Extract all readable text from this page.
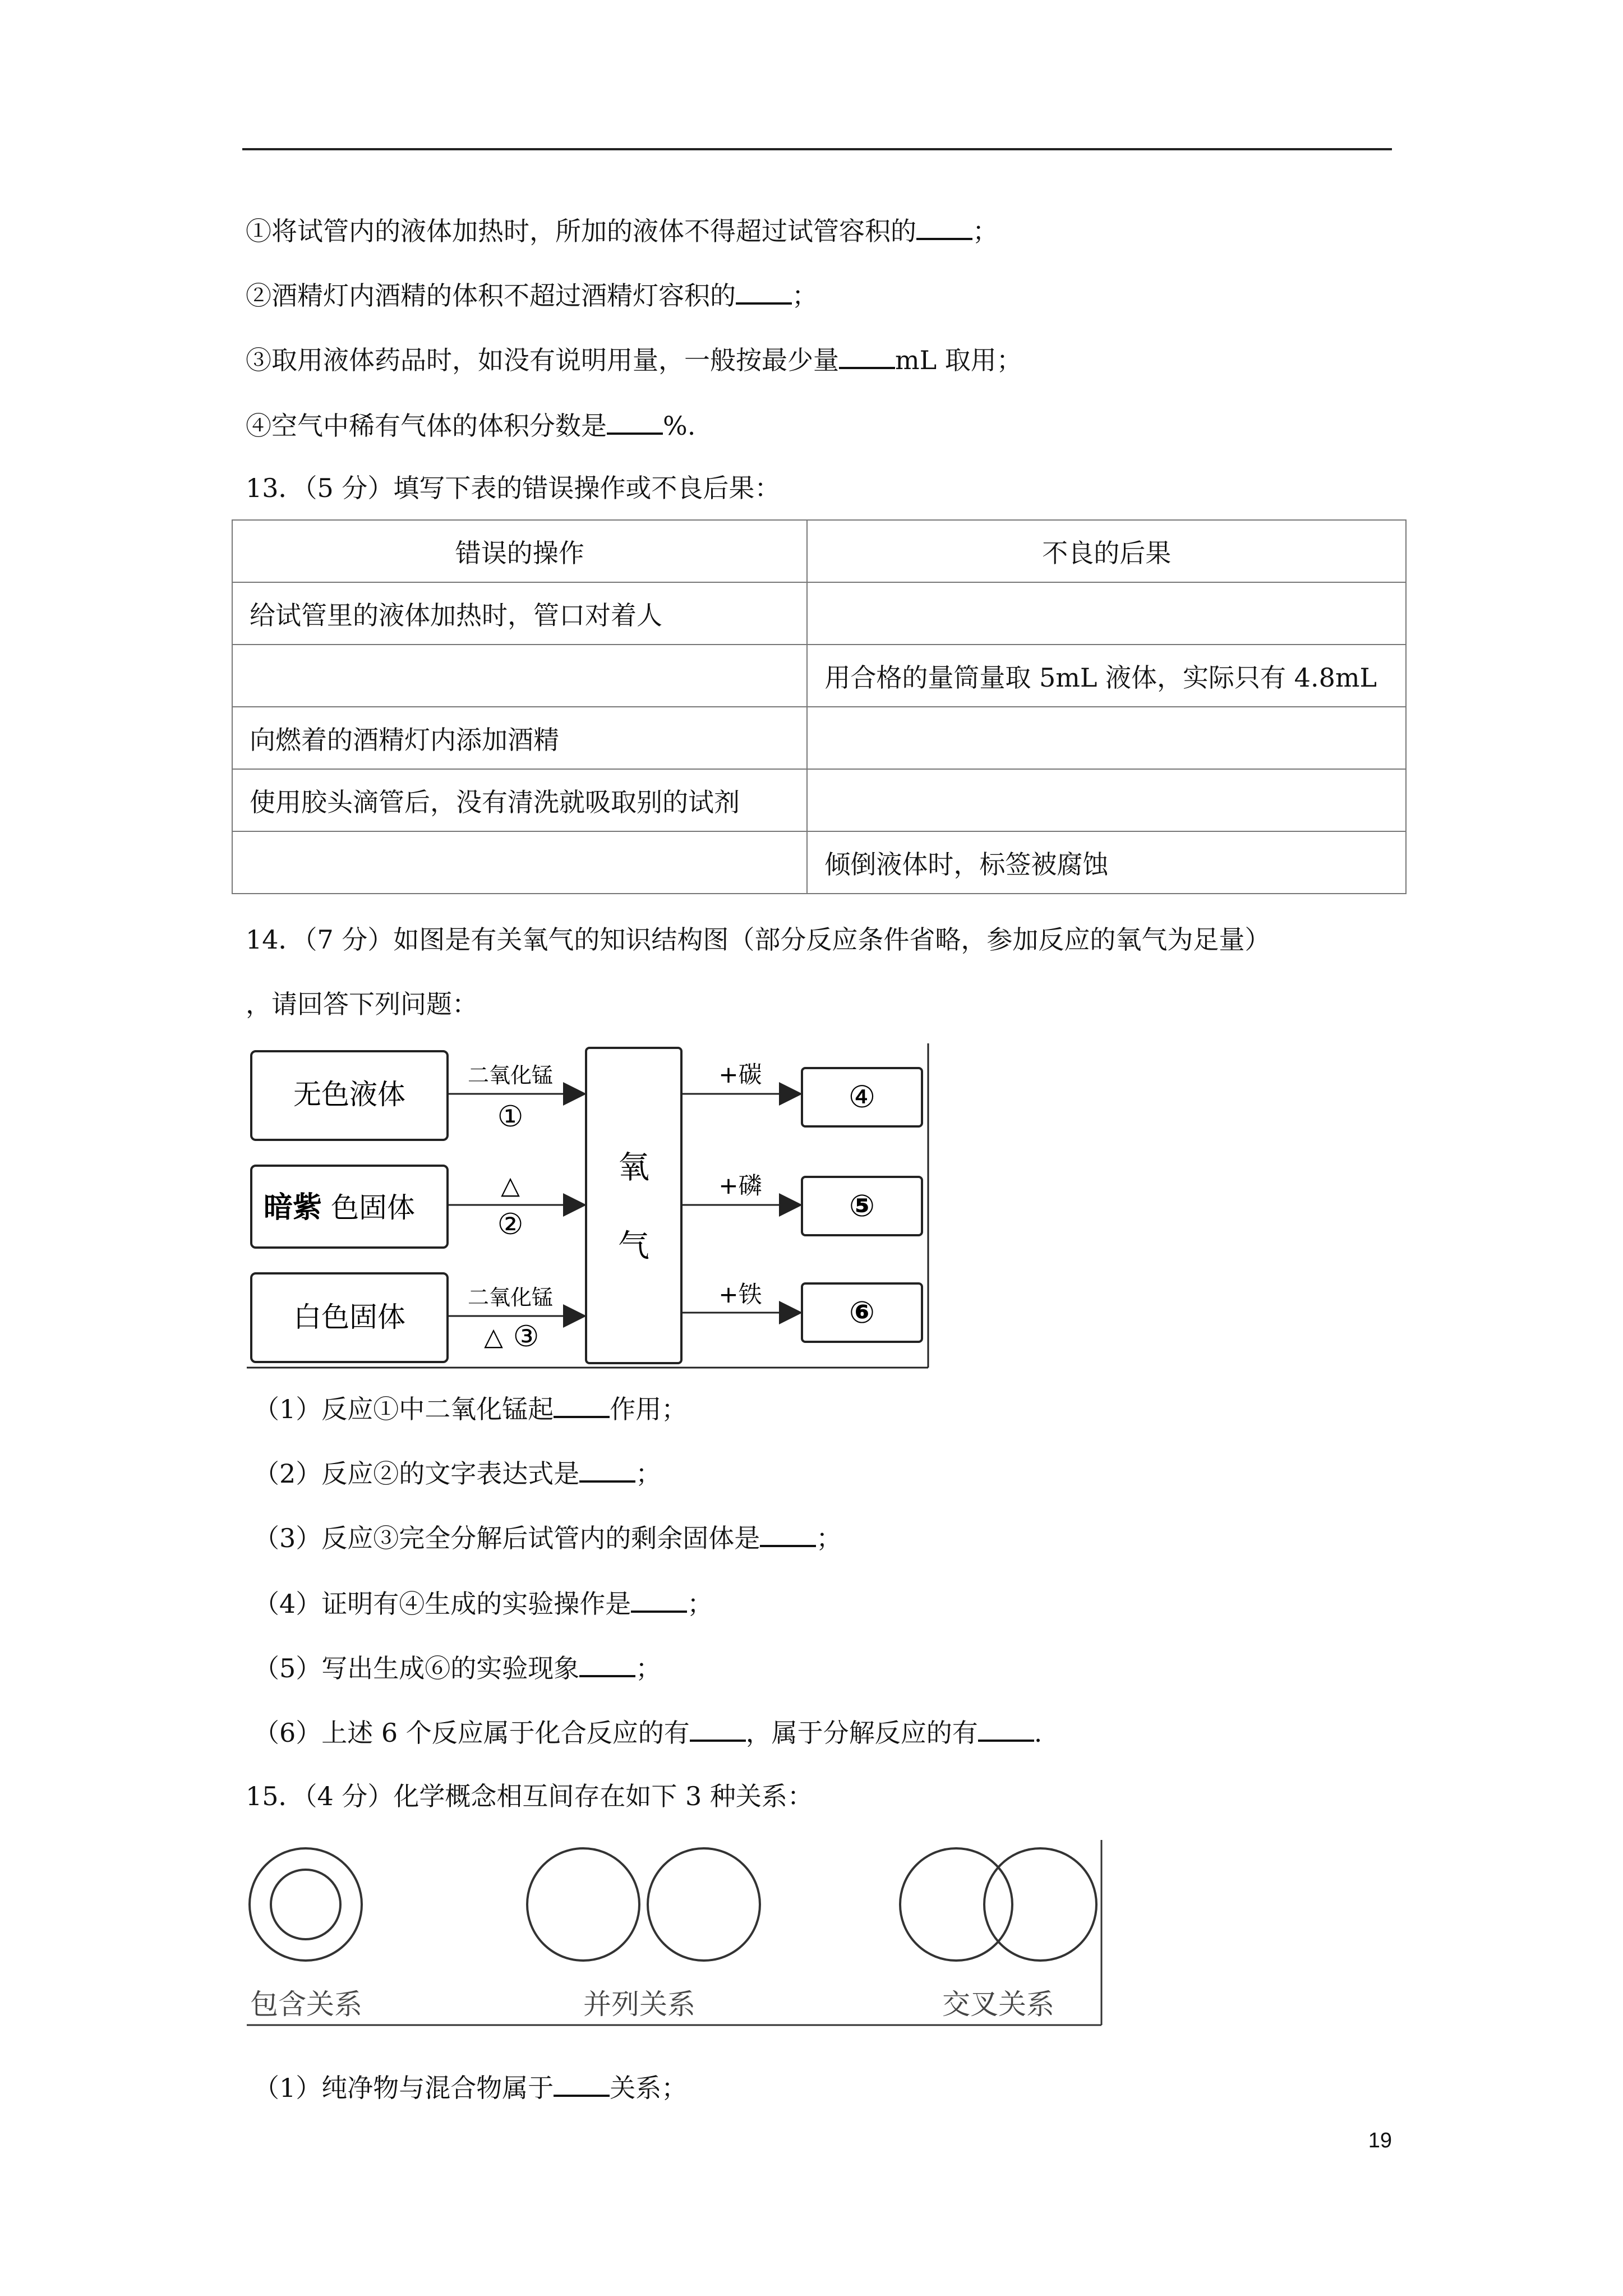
①将试管内的液体加热时，所加的液体不得超过试管容积的 ；
②酒精灯内酒精的体积不超过酒精灯容积的 ；
③取用液体药品时，如没有说明用量，一般按最少量 mL 取用；
④空气中稀有气体的体积分数是 %.
13．（5 分）填写下表的错误操作或不良后果：
错误的操作	不良的后果
给试管里的液体加热时，管口对着人	
	用合格的量筒量取 5mL 液体，实际只有 4.8mL
向燃着的酒精灯内添加酒精	
使用胶头滴管后，没有清洗就吸取别的试剂	
	倾倒液体时，标签被腐蚀
14．（7 分）如图是有关氧气的知识结构图（部分反应条件省略，参加反应的氧气为足量）
，请回答下列问题：
无色液体
暗紫 色固体
白色固体
二氧化锰
①
△
②
二氧化锰
△ ③
氧
气
+碳
+磷
+铁
④
⑤
⑥
（1）反应①中二氧化锰起 作用；
（2）反应②的文字表达式是 ；
（3）反应③完全分解后试管内的剩余固体是 ；
（4）证明有④生成的实验操作是 ；
（5）写出生成⑥的实验现象 ；
（6）上述 6 个反应属于化合反应的有 ，属于分解反应的有 .
15．（4 分）化学概念相互间存在如下 3 种关系：
包含关系	并列关系	交叉关系
（1）纯净物与混合物属于 关系；
19
